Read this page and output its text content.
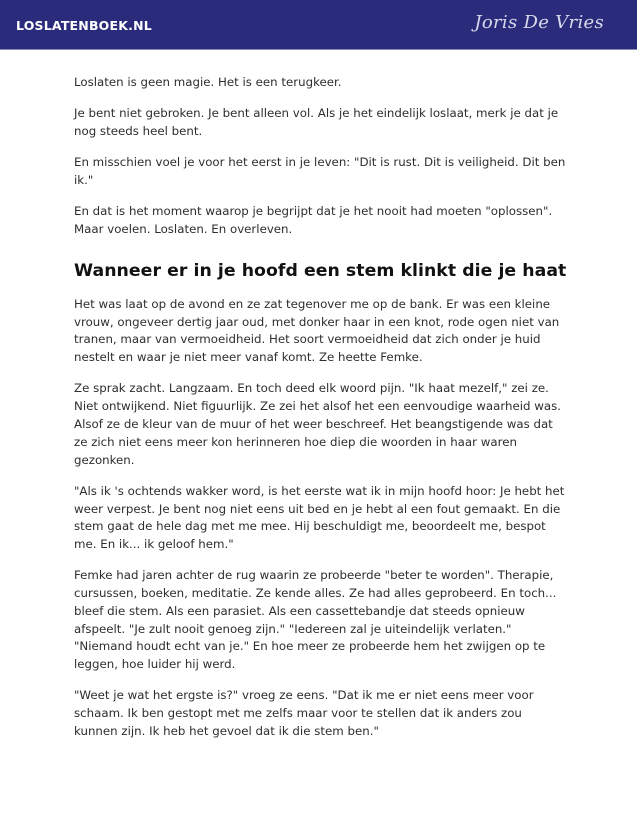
LOSLATENBOEK.NL	Joris De Vries

Loslaten is geen magie. Het is een terugkeer.

Je bent niet gebroken. Je bent alleen vol. Als je het eindelijk loslaat, merk je dat je nog steeds heel bent.

En misschien voel je voor het eerst in je leven: "Dit is rust. Dit is veiligheid. Dit ben ik."

En dat is het moment waarop je begrijpt dat je het nooit had moeten "oplossen". Maar voelen. Loslaten. En overleven.

Wanneer er in je hoofd een stem klinkt die je haat

Het was laat op de avond en ze zat tegenover me op de bank. Er was een kleine vrouw, ongeveer dertig jaar oud, met donker haar in een knot, rode ogen niet van tranen, maar van vermoeidheid. Het soort vermoeidheid dat zich onder je huid nestelt en waar je niet meer vanaf komt. Ze heette Femke.

Ze sprak zacht. Langzaam. En toch deed elk woord pijn. "Ik haat mezelf," zei ze. Niet ontwijkend. Niet figuurlijk. Ze zei het alsof het een eenvoudige waarheid was. Alsof ze de kleur van de muur of het weer beschreef. Het beangstigende was dat ze zich niet eens meer kon herinneren hoe diep die woorden in haar waren gezonken.

"Als ik 's ochtends wakker word, is het eerste wat ik in mijn hoofd hoor: Je hebt het weer verpest. Je bent nog niet eens uit bed en je hebt al een fout gemaakt. En die stem gaat de hele dag met me mee. Hij beschuldigt me, beoordeelt me, bespot me. En ik... ik geloof hem."

Femke had jaren achter de rug waarin ze probeerde "beter te worden". Therapie, cursussen, boeken, meditatie. Ze kende alles. Ze had alles geprobeerd. En toch... bleef die stem. Als een parasiet. Als een cassettebandje dat steeds opnieuw afspeelt. "Je zult nooit genoeg zijn." "Iedereen zal je uiteindelijk verlaten." "Niemand houdt echt van je." En hoe meer ze probeerde hem het zwijgen op te leggen, hoe luider hij werd.

"Weet je wat het ergste is?" vroeg ze eens. "Dat ik me er niet eens meer voor schaam. Ik ben gestopt met me zelfs maar voor te stellen dat ik anders zou kunnen zijn. Ik heb het gevoel dat ik die stem ben."
